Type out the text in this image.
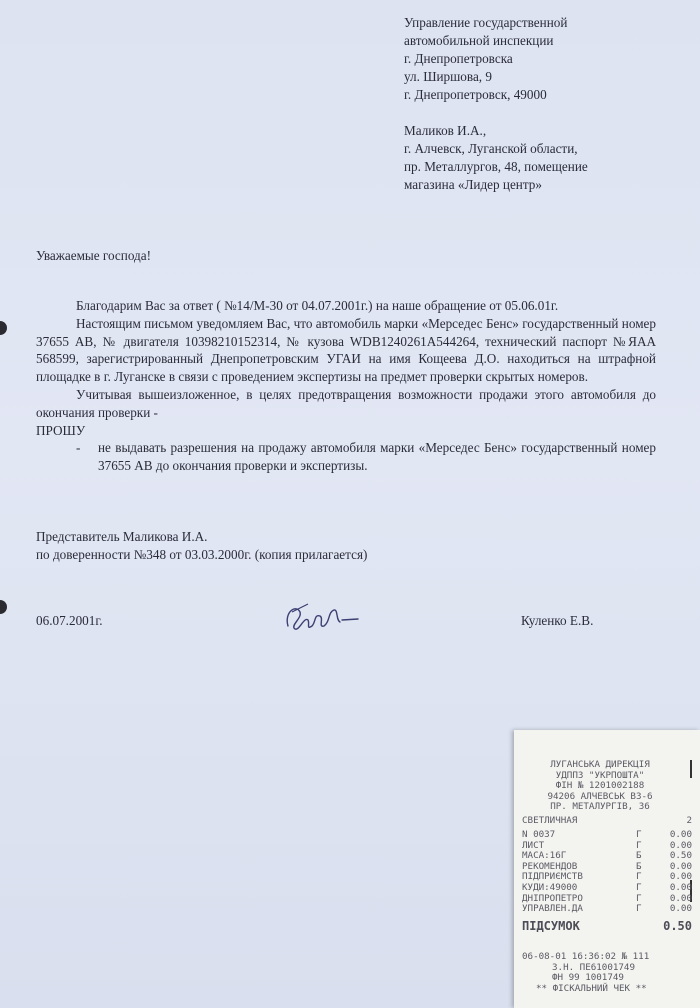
Управление государственной
автомобильной инспекции
г. Днепропетровска
ул. Ширшова, 9
г. Днепропетровск, 49000
Маликов И.А.,
г. Алчевск, Луганской области,
пр. Металлургов, 48, помещение
магазина «Лидер центр»
Уважаемые господа!

Благодарим Вас за ответ ( №14/М-30 от 04.07.2001г.) на наше обращение от 05.06.01г.

Настоящим письмом уведомляем Вас, что автомобиль марки «Мерседес Бенс» государственный номер 37655 АВ, № двигателя 10398210152314, № кузова WDB1240261A544264, технический паспорт №ЯАА 568599, зарегистрированный Днепропетровским УГАИ на имя Кощеева Д.О. находиться на штрафной площадке в г. Луганске в связи с проведением экспертизы на предмет проверки скрытых номеров.

Учитывая вышеизложенное, в целях предотвращения возможности продажи этого автомобиля до окончания проверки -

ПРОШУ

- не выдавать разрешения на продажу автомобиля марки «Мерседес Бенс» государственный номер 37655 АВ до окончания проверки и экспертизы.

Представитель Маликова И.А.
по доверенности №348 от 03.03.2000г. (копия прилагается)
06.07.2001г.	Куленко Е.В.
ЛУГАНСЬКА ДИРЕКЦІЯ
УДППЗ "УКРПОШТА"
ФІН № 1201002188
94206 АЛЧЕВСЬК ВЗ-6
ПР. МЕТАЛУРГІВ, 36
СВЕТЛИЧНАЯ	2
N 0037	Г	0.00
ЛИСТ	Г	0.00
МАСА:16Г	Б	0.50
РЕКОМЕНДОВ	Б	0.00
ПІДПРИЄМСТВ	Г	0.00
КУДИ:49000	Г	0.00
ДНІПРОПЕТРО	Г	0.00
УПРАВЛЕН.ДА	Г	0.00
ПІДСУМОК	0.50
06-08-01 16:36:02 № 111
З.Н. ПЕ61001749
ФН 99 1001749
** ФІСКАЛЬНИЙ ЧЕК **
